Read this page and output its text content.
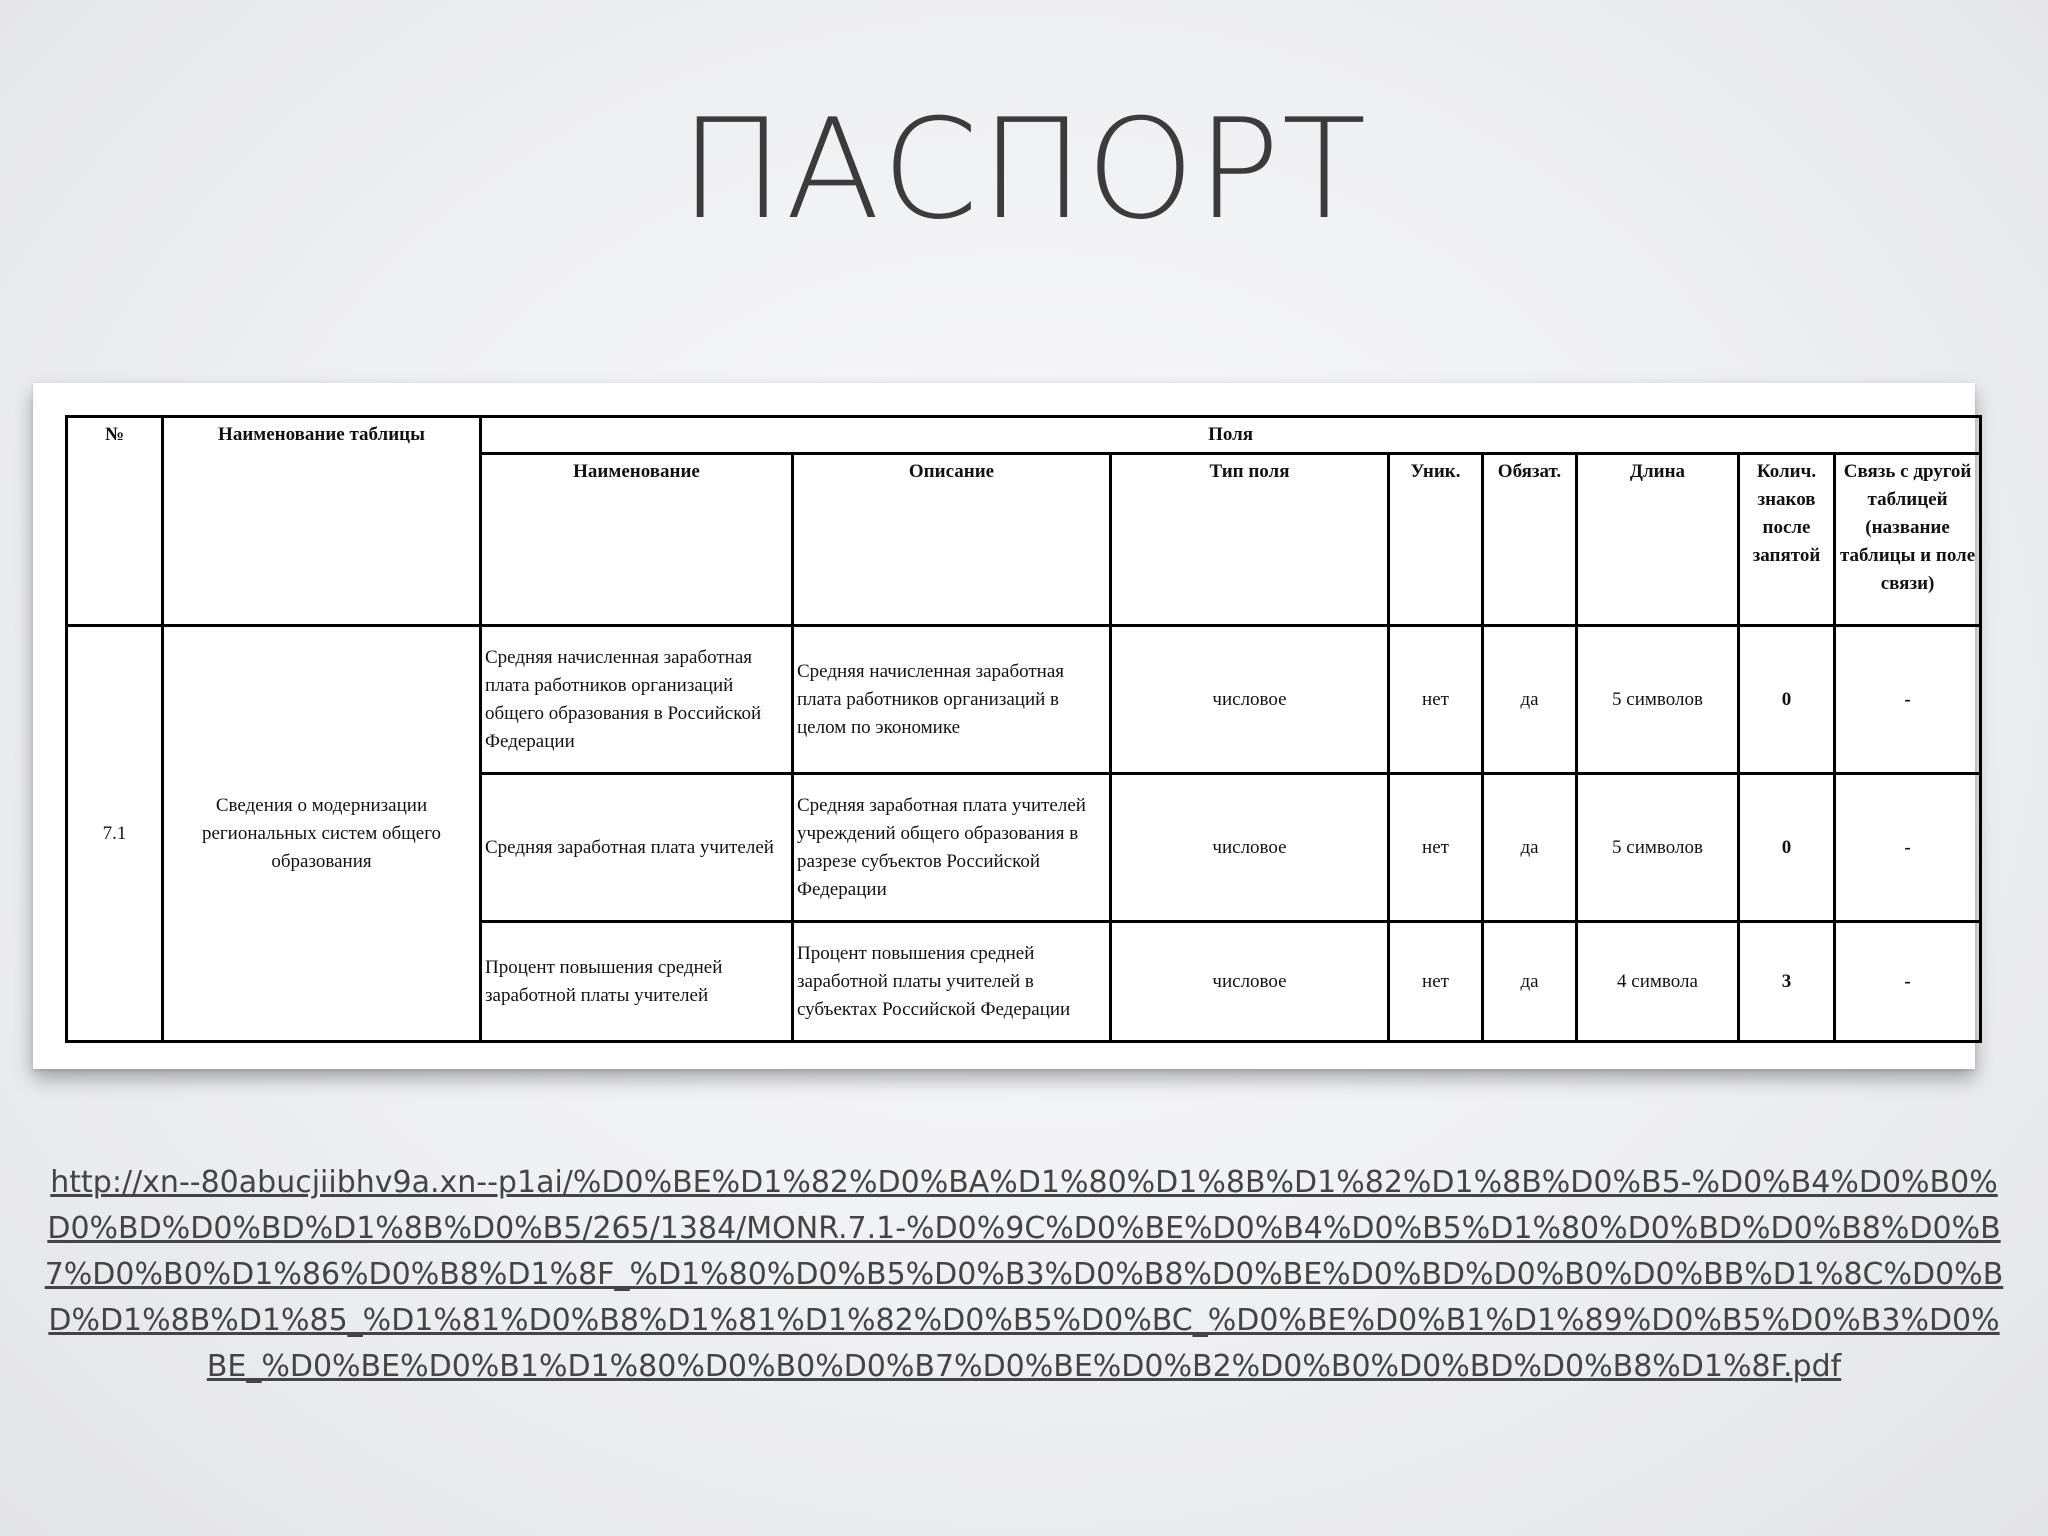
ПАСПОРТ
№	Наименование таблицы	Поля							
		Наименование	Описание	Тип поля	Уник.	Обязат.	Длина	Колич. знаков после запятой	Связь с другой таблицей (название таблицы и поле связи)
7.1	Сведения о модернизации региональных систем общего образования	Средняя начисленная заработная плата работников организаций общего образования в Российской Федерации	Средняя начисленная заработная плата работников организаций в целом по экономике	числовое	нет	да	5 символов	0	-
		Средняя заработная плата учителей	Средняя заработная плата учителей учреждений общего образования в разрезе субъектов Российской Федерации	числовое	нет	да	5 символов	0	-
		Процент повышения средней заработной платы учителей	Процент повышения средней заработной платы учителей в субъектах Российской Федерации	числовое	нет	да	4 символа	3	-
http://xn--80abucjiibhv9a.xn--p1ai/%D0%BE%D1%82%D0%BA%D1%80%D1%8B%D1%82%D1%8B%D0%B5-%D0%B4%D0%B0%D0%BD%D0%BD%D1%8B%D0%B5/265/1384/MONR.7.1-%D0%9C%D0%BE%D0%B4%D0%B5%D1%80%D0%BD%D0%B8%D0%B7%D0%B0%D1%86%D0%B8%D1%8F_%D1%80%D0%B5%D0%B3%D0%B8%D0%BE%D0%BD%D0%B0%D0%BB%D1%8C%D0%BD%D1%8B%D1%85_%D1%81%D0%B8%D1%81%D1%82%D0%B5%D0%BC_%D0%BE%D0%B1%D1%89%D0%B5%D0%B3%D0%BE_%D0%BE%D0%B1%D1%80%D0%B0%D0%B7%D0%BE%D0%B2%D0%B0%D0%BD%D0%B8%D1%8F.pdf
